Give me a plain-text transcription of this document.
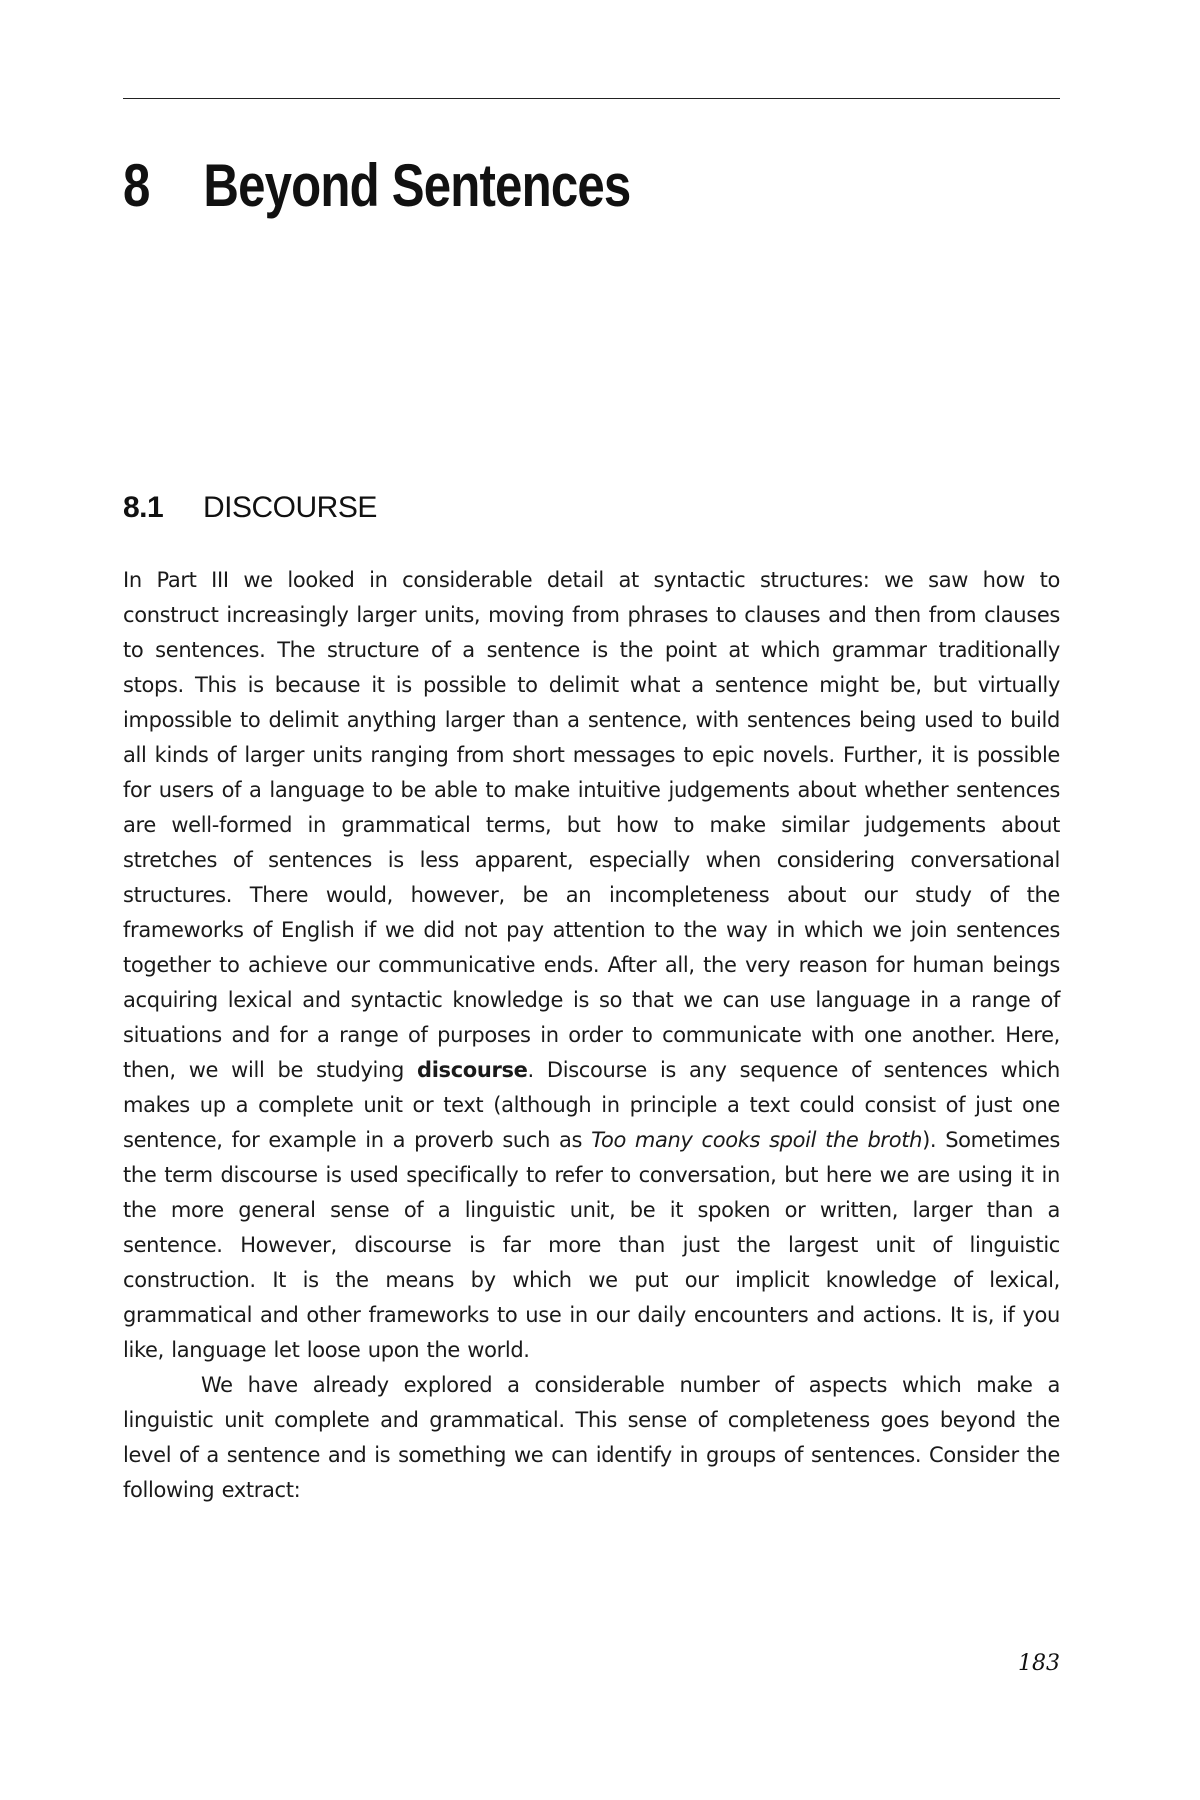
8 Beyond Sentences
8.1 DISCOURSE

In Part III we looked in considerable detail at syntactic structures: we saw how to construct increasingly larger units, moving from phrases to clauses and then from clauses to sentences. The structure of a sentence is the point at which grammar traditionally stops. This is because it is possible to delimit what a sentence might be, but virtually impossible to delimit anything larger than a sentence, with sentences being used to build all kinds of larger units ranging from short messages to epic novels. Further, it is possible for users of a language to be able to make intuitive judgements about whether sentences are well-formed in grammatical terms, but how to make similar judgements about stretches of sentences is less apparent, especially when considering conversational structures. There would, however, be an incompleteness about our study of the frameworks of English if we did not pay attention to the way in which we join sentences together to achieve our communicative ends. After all, the very reason for human beings acquiring lexical and syntactic knowledge is so that we can use language in a range of situations and for a range of purposes in order to communicate with one another. Here, then, we will be studying discourse. Discourse is any sequence of sentences which makes up a complete unit or text (although in principle a text could consist of just one sentence, for example in a proverb such as Too many cooks spoil the broth). Sometimes the term discourse is used specifically to refer to conversation, but here we are using it in the more general sense of a linguistic unit, be it spoken or written, larger than a sentence. However, discourse is far more than just the largest unit of linguistic construction. It is the means by which we put our implicit knowledge of lexical, grammatical and other frameworks to use in our daily encounters and actions. It is, if you like, language let loose upon the world.

We have already explored a considerable number of aspects which make a linguistic unit complete and grammatical. This sense of completeness goes beyond the level of a sentence and is something we can identify in groups of sentences. Consider the following extract:

183
